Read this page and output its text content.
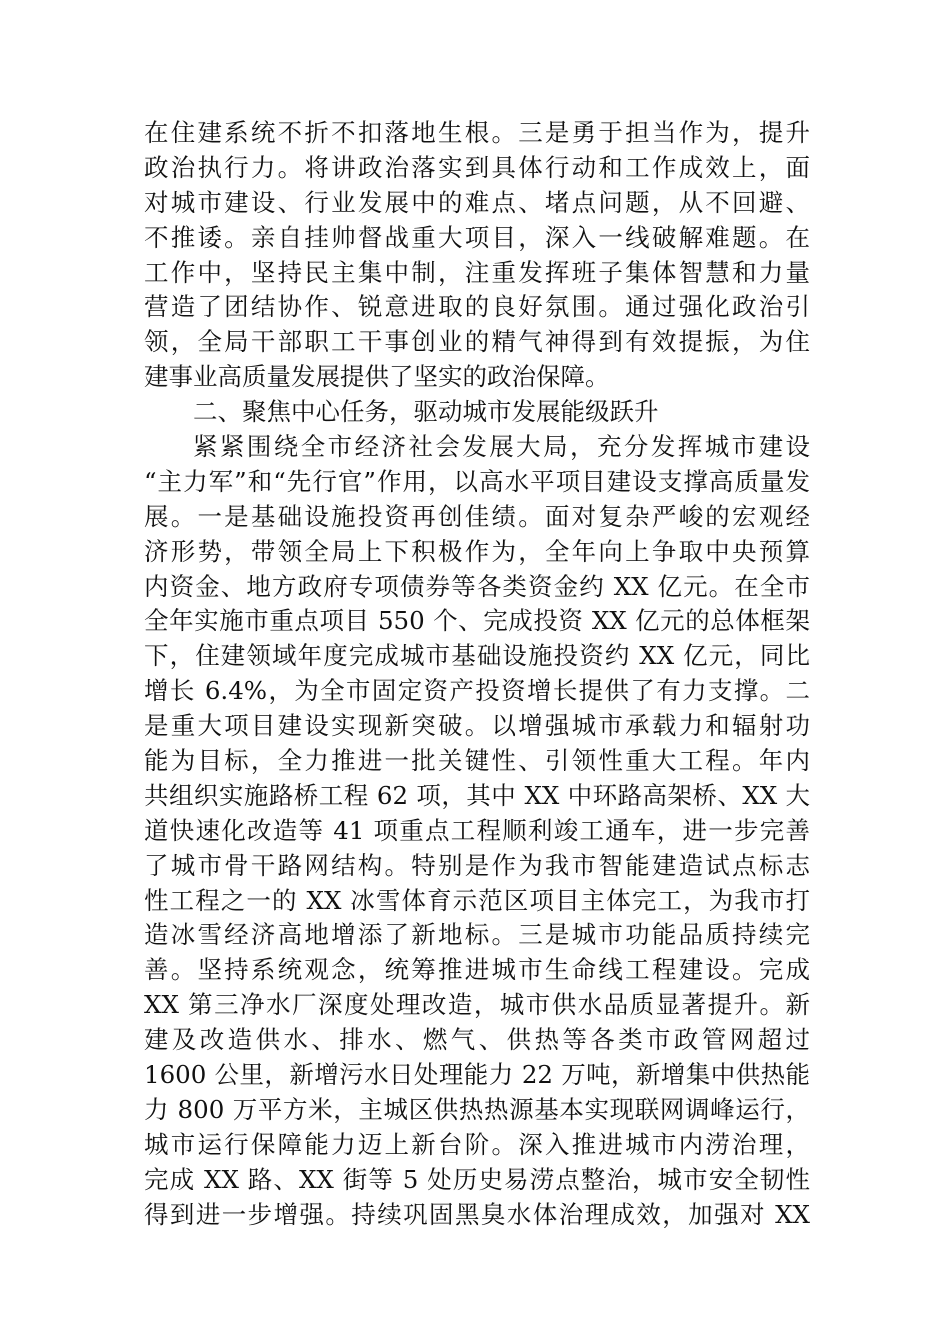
在住建系统不折不扣落地生根。三是勇于担当作为，提升
政治执行力。将讲政治落实到具体行动和工作成效上，面
对城市建设、行业发展中的难点、堵点问题，从不回避、
不推诿。亲自挂帅督战重大项目，深入一线破解难题。在
工作中，坚持民主集中制，注重发挥班子集体智慧和力量
营造了团结协作、锐意进取的良好氛围。通过强化政治引
领，全局干部职工干事创业的精气神得到有效提振，为住
建事业高质量发展提供了坚实的政治保障。
二、聚焦中心任务，驱动城市发展能级跃升
紧紧围绕全市经济社会发展大局，充分发挥城市建设
“主力军”和“先行官”作用，以高水平项目建设支撑高质量发
展。一是基础设施投资再创佳绩。面对复杂严峻的宏观经
济形势，带领全局上下积极作为，全年向上争取中央预算
内资金、地方政府专项债券等各类资金约 XX 亿元。在全市
全年实施市重点项目 550 个、完成投资 XX 亿元的总体框架
下，住建领域年度完成城市基础设施投资约 XX 亿元，同比
增长 6.4%，为全市固定资产投资增长提供了有力支撑。二
是重大项目建设实现新突破。以增强城市承载力和辐射功
能为目标，全力推进一批关键性、引领性重大工程。年内
共组织实施路桥工程 62 项，其中 XX 中环路高架桥、XX 大
道快速化改造等 41 项重点工程顺利竣工通车，进一步完善
了城市骨干路网结构。特别是作为我市智能建造试点标志
性工程之一的 XX 冰雪体育示范区项目主体完工，为我市打
造冰雪经济高地增添了新地标。三是城市功能品质持续完
善。坚持系统观念，统筹推进城市生命线工程建设。完成
XX 第三净水厂深度处理改造，城市供水品质显著提升。新
建及改造供水、排水、燃气、供热等各类市政管网超过
1600 公里，新增污水日处理能力 22 万吨，新增集中供热能
力 800 万平方米，主城区供热热源基本实现联网调峰运行，
城市运行保障能力迈上新台阶。深入推进城市内涝治理，
完成 XX 路、XX 街等 5 处历史易涝点整治，城市安全韧性
得到进一步增强。持续巩固黑臭水体治理成效，加强对 XX
